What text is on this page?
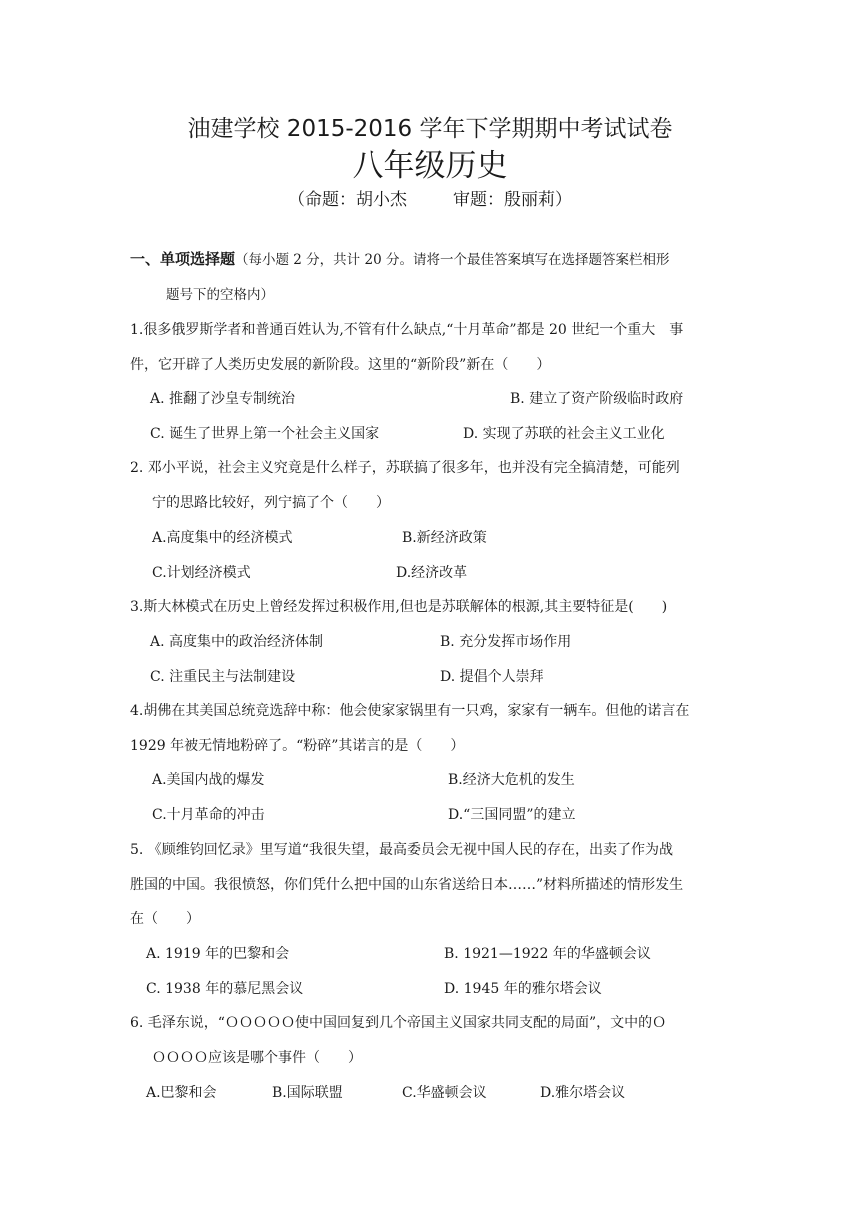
油建学校 2015-2016 学年下学期期中考试试卷
八年级历史
（命题：胡小杰	审题：殷丽莉）
一、单项选择题（每小题 2 分，共计 20 分。请将一个最佳答案填写在选择题答案栏相形
题号下的空格内）
1.很多俄罗斯学者和普通百姓认为,不管有什么缺点,“十月革命”都是 20 世纪一个重大　事
件，它开辟了人类历史发展的新阶段。这里的“新阶段”新在（　　）
A. 推翻了沙皇专制统治	B. 建立了资产阶级临时政府
C. 诞生了世界上第一个社会主义国家	D. 实现了苏联的社会主义工业化
2. 邓小平说，社会主义究竟是什么样子，苏联搞了很多年，也并没有完全搞清楚，可能列
宁的思路比较好，列宁搞了个（　　）
A.高度集中的经济模式	B.新经济政策
C.计划经济模式	D.经济改革
3.斯大林模式在历史上曾经发挥过积极作用,但也是苏联解体的根源,其主要特征是(　　)
A. 高度集中的政治经济体制	B. 充分发挥市场作用
C. 注重民主与法制建设	D. 提倡个人崇拜
4.胡佛在其美国总统竞选辞中称：他会使家家锅里有一只鸡，家家有一辆车。但他的诺言在
1929 年被无情地粉碎了。“粉碎”其诺言的是（　　）
A.美国内战的爆发	B.经济大危机的发生
C.十月革命的冲击	D.“三国同盟”的建立
5. 《顾维钧回忆录》里写道“我很失望，最高委员会无视中国人民的存在，出卖了作为战
胜国的中国。我很愤怒，你们凭什么把中国的山东省送给日本……”材料所描述的情形发生
在（　　）
A. 1919 年的巴黎和会	B. 1921—1922 年的华盛顿会议
C. 1938 年的慕尼黑会议	D. 1945 年的雅尔塔会议
6. 毛泽东说，“ＯＯＯＯＯ使中国回复到几个帝国主义国家共同支配的局面”，文中的Ｏ
ＯＯＯＯ应该是哪个事件（　　）
A.巴黎和会	B.国际联盟	C.华盛顿会议	D.雅尔塔会议
